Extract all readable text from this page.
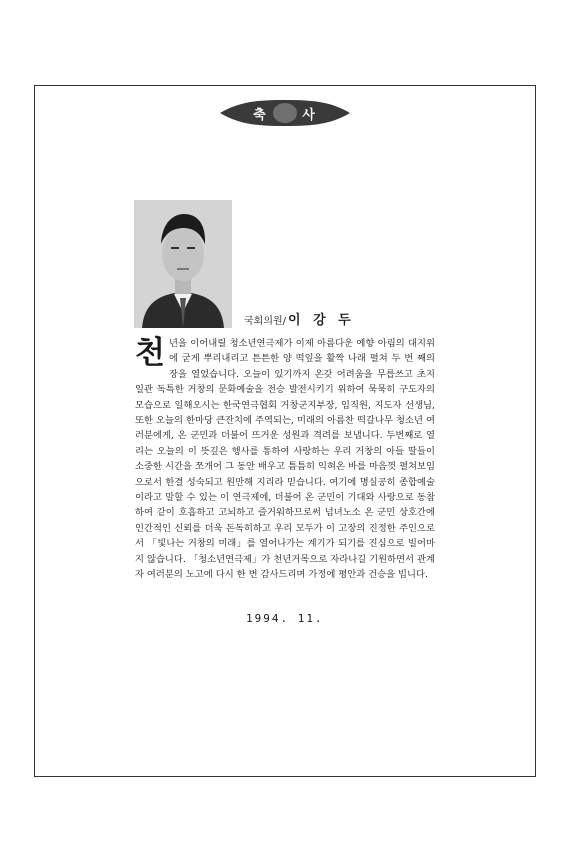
축 사
국회의원/ 이 강 두
천년을 이어내릴 청소년연극제가 이제 아름다운 예향 아림의 대지위에 굳게 뿌리내리고 튼튼한 양 떡잎을 활짝 나래 펼쳐 두 번 째의 장을 열었습니다. 오늘이 있기까지 온갖 어려움을 무릅쓰고 초지일관 독특한 거창의 문화예술을 전승 발전시키기 위하여 묵묵히 구도자의 모습으로 일해오시는 한국연극협회 거창군지부장, 임직원, 지도자 선생님, 또한 오늘의 한마당 큰잔치에 주역되는, 미래의 아름찬 떡갈나무 청소년 여러분에게, 온 군민과 더불어 뜨거운 성원과 격려를 보냅니다. 두번째로 열리는 오늘의 이 뜻깊은 행사를 통하여 사랑하는 우리 거창의 아들 딸들이 소중한 시간을 쪼개어 그 동안 배우고 틈틈히 익혀온 바를 마음껏 펼쳐보임으로서 한결 성숙되고 원만해 지리라 믿습니다. 여기에 명실공히 종합예술이라고 말할 수 있는 이 연극제에, 더불어 온 군민이 기대와 사랑으로 동참하여 같이 호흡하고 고뇌하고 즐거워하므로써 넘녀노소 온 군민 상호간에 인간적인 신뢰를 더욱 돈독히하고 우리 모두가 이 고장의 진정한 주인으로서 「빛나는 거창의 미래」를 열어나가는 계기가 되기를 진심으로 빌어마지 않습니다. 「청소년연극제」가 천년거목으로 자라나길 기원하면서 관계자 여러분의 노고에 다시 한 번 감사드리며 가정에 평안과 건승을 빕니다.
1994. 11.
